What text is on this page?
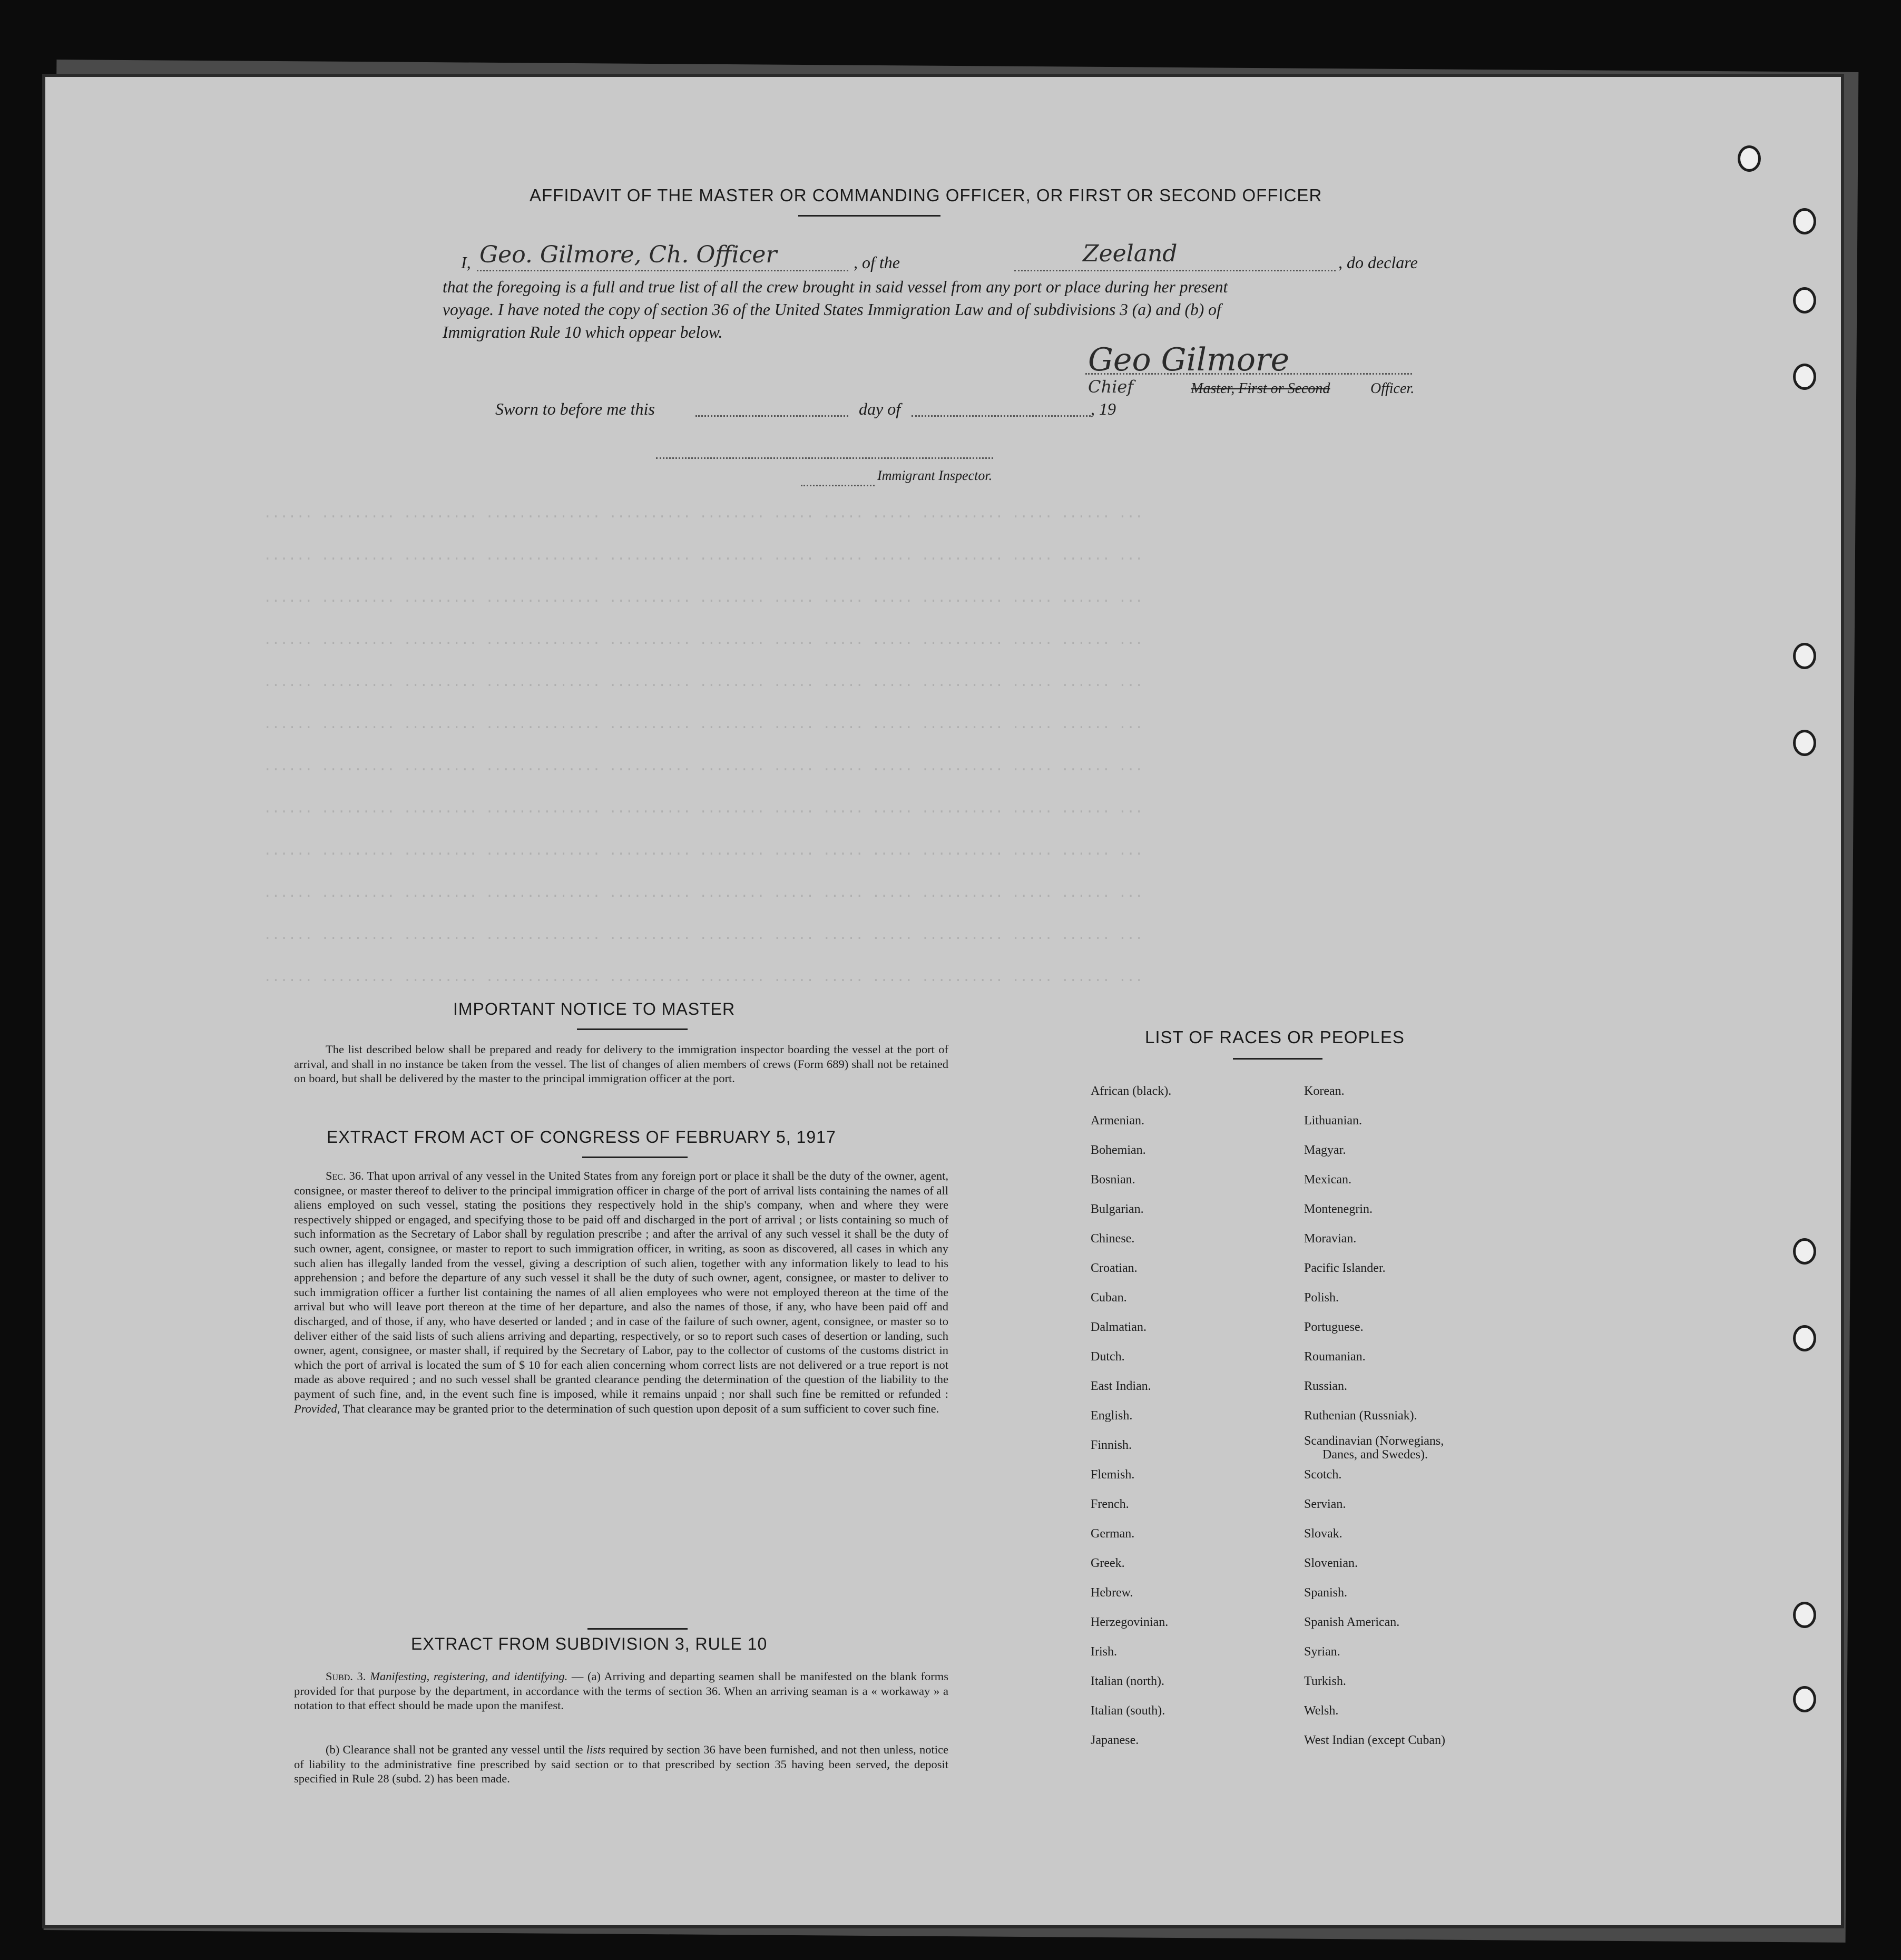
...... ......... ......... .............. .......... ........ ..... ..... ..... .......... ..... ...... ...
...... ......... ......... .............. .......... ........ ..... ..... ..... .......... ..... ...... ...
...... ......... ......... .............. .......... ........ ..... ..... ..... .......... ..... ...... ...
...... ......... ......... .............. .......... ........ ..... ..... ..... .......... ..... ...... ...
...... ......... ......... .............. .......... ........ ..... ..... ..... .......... ..... ...... ...
...... ......... ......... .............. .......... ........ ..... ..... ..... .......... ..... ...... ...
...... ......... ......... .............. .......... ........ ..... ..... ..... .......... ..... ...... ...
...... ......... ......... .............. .......... ........ ..... ..... ..... .......... ..... ...... ...
...... ......... ......... .............. .......... ........ ..... ..... ..... .......... ..... ...... ...
...... ......... ......... .............. .......... ........ ..... ..... ..... .......... ..... ...... ...
...... ......... ......... .............. .......... ........ ..... ..... ..... .......... ..... ...... ...
...... ......... ......... .............. .......... ........ ..... ..... ..... .......... ..... ...... ...
AFFIDAVIT OF THE MASTER OR COMMANDING OFFICER, OR FIRST OR SECOND OFFICER
I, Geo. Gilmore, Ch. Officer	, of the	Zeeland	, do declare
that the foregoing is a full and true list of all the crew brought in said vessel from any port or place during her present
voyage. I have noted the copy of section 36 of the United States Immigration Law and of subdivisions 3 (a) and (b) of
Immigration Rule 10 which oppear below.
Geo Gilmore
Chief	Master, First or Second	Officer.
Sworn to before me this	day of	, 19
Immigrant Inspector.
IMPORTANT NOTICE TO MASTER
The list described below shall be prepared and ready for delivery to the immigration inspector boarding the vessel at the port of arrival, and shall in no instance be taken from the vessel. The list of changes of alien members of crews (Form 689) shall not be retained on board, but shall be delivered by the master to the principal immigration officer at the port.
EXTRACT FROM ACT OF CONGRESS OF FEBRUARY 5, 1917
Sec. 36. That upon arrival of any vessel in the United States from any foreign port or place it shall be the duty of the owner, agent, consignee, or master thereof to deliver to the principal immigration officer in charge of the port of arrival lists containing the names of all aliens employed on such vessel, stating the positions they respectively hold in the ship's company, when and where they were respectively shipped or engaged, and specifying those to be paid off and discharged in the port of arrival ; or lists containing so much of such information as the Secretary of Labor shall by regulation prescribe ; and after the arrival of any such vessel it shall be the duty of such owner, agent, consignee, or master to report to such immigration officer, in writing, as soon as discovered, all cases in which any such alien has illegally landed from the vessel, giving a description of such alien, together with any information likely to lead to his apprehension ; and before the departure of any such vessel it shall be the duty of such owner, agent, consignee, or master to deliver to such immigration officer a further list containing the names of all alien employees who were not employed thereon at the time of the arrival but who will leave port thereon at the time of her departure, and also the names of those, if any, who have been paid off and discharged, and of those, if any, who have deserted or landed ; and in case of the failure of such owner, agent, consignee, or master so to deliver either of the said lists of such aliens arriving and departing, respectively, or so to report such cases of desertion or landing, such owner, agent, consignee, or master shall, if required by the Secretary of Labor, pay to the collector of customs of the customs district in which the port of arrival is located the sum of $ 10 for each alien concerning whom correct lists are not delivered or a true report is not made as above required ; and no such vessel shall be granted clearance pending the determination of the question of the liability to the payment of such fine, and, in the event such fine is imposed, while it remains unpaid ; nor shall such fine be remitted or refunded : Provided, That clearance may be granted prior to the determination of such question upon deposit of a sum sufficient to cover such fine.
EXTRACT FROM SUBDIVISION 3, RULE 10
Subd. 3. Manifesting, registering, and identifying. — (a) Arriving and departing seamen shall be manifested on the blank forms provided for that purpose by the department, in accordance with the terms of section 36. When an arriving seaman is a « workaway » a notation to that effect should be made upon the manifest.
(b) Clearance shall not be granted any vessel until the lists required by section 36 have been furnished, and not then unless, notice of liability to the administrative fine prescribed by said section or to that prescribed by section 35 having been served, the deposit specified in Rule 28 (subd. 2) has been made.
LIST OF RACES OR PEOPLES
African (black).
Armenian.
Bohemian.
Bosnian.
Bulgarian.
Chinese.
Croatian.
Cuban.
Dalmatian.
Dutch.
East Indian.
English.
Finnish.
Flemish.
French.
German.
Greek.
Hebrew.
Herzegovinian.
Irish.
Italian (north).
Italian (south).
Japanese.
Korean.
Lithuanian.
Magyar.
Mexican.
Montenegrin.
Moravian.
Pacific Islander.
Polish.
Portuguese.
Roumanian.
Russian.
Ruthenian (Russniak).
Scandinavian (Norwegians,
Danes, and Swedes).
Scotch.
Servian.
Slovak.
Slovenian.
Spanish.
Spanish American.
Syrian.
Turkish.
Welsh.
West Indian (except Cuban)
